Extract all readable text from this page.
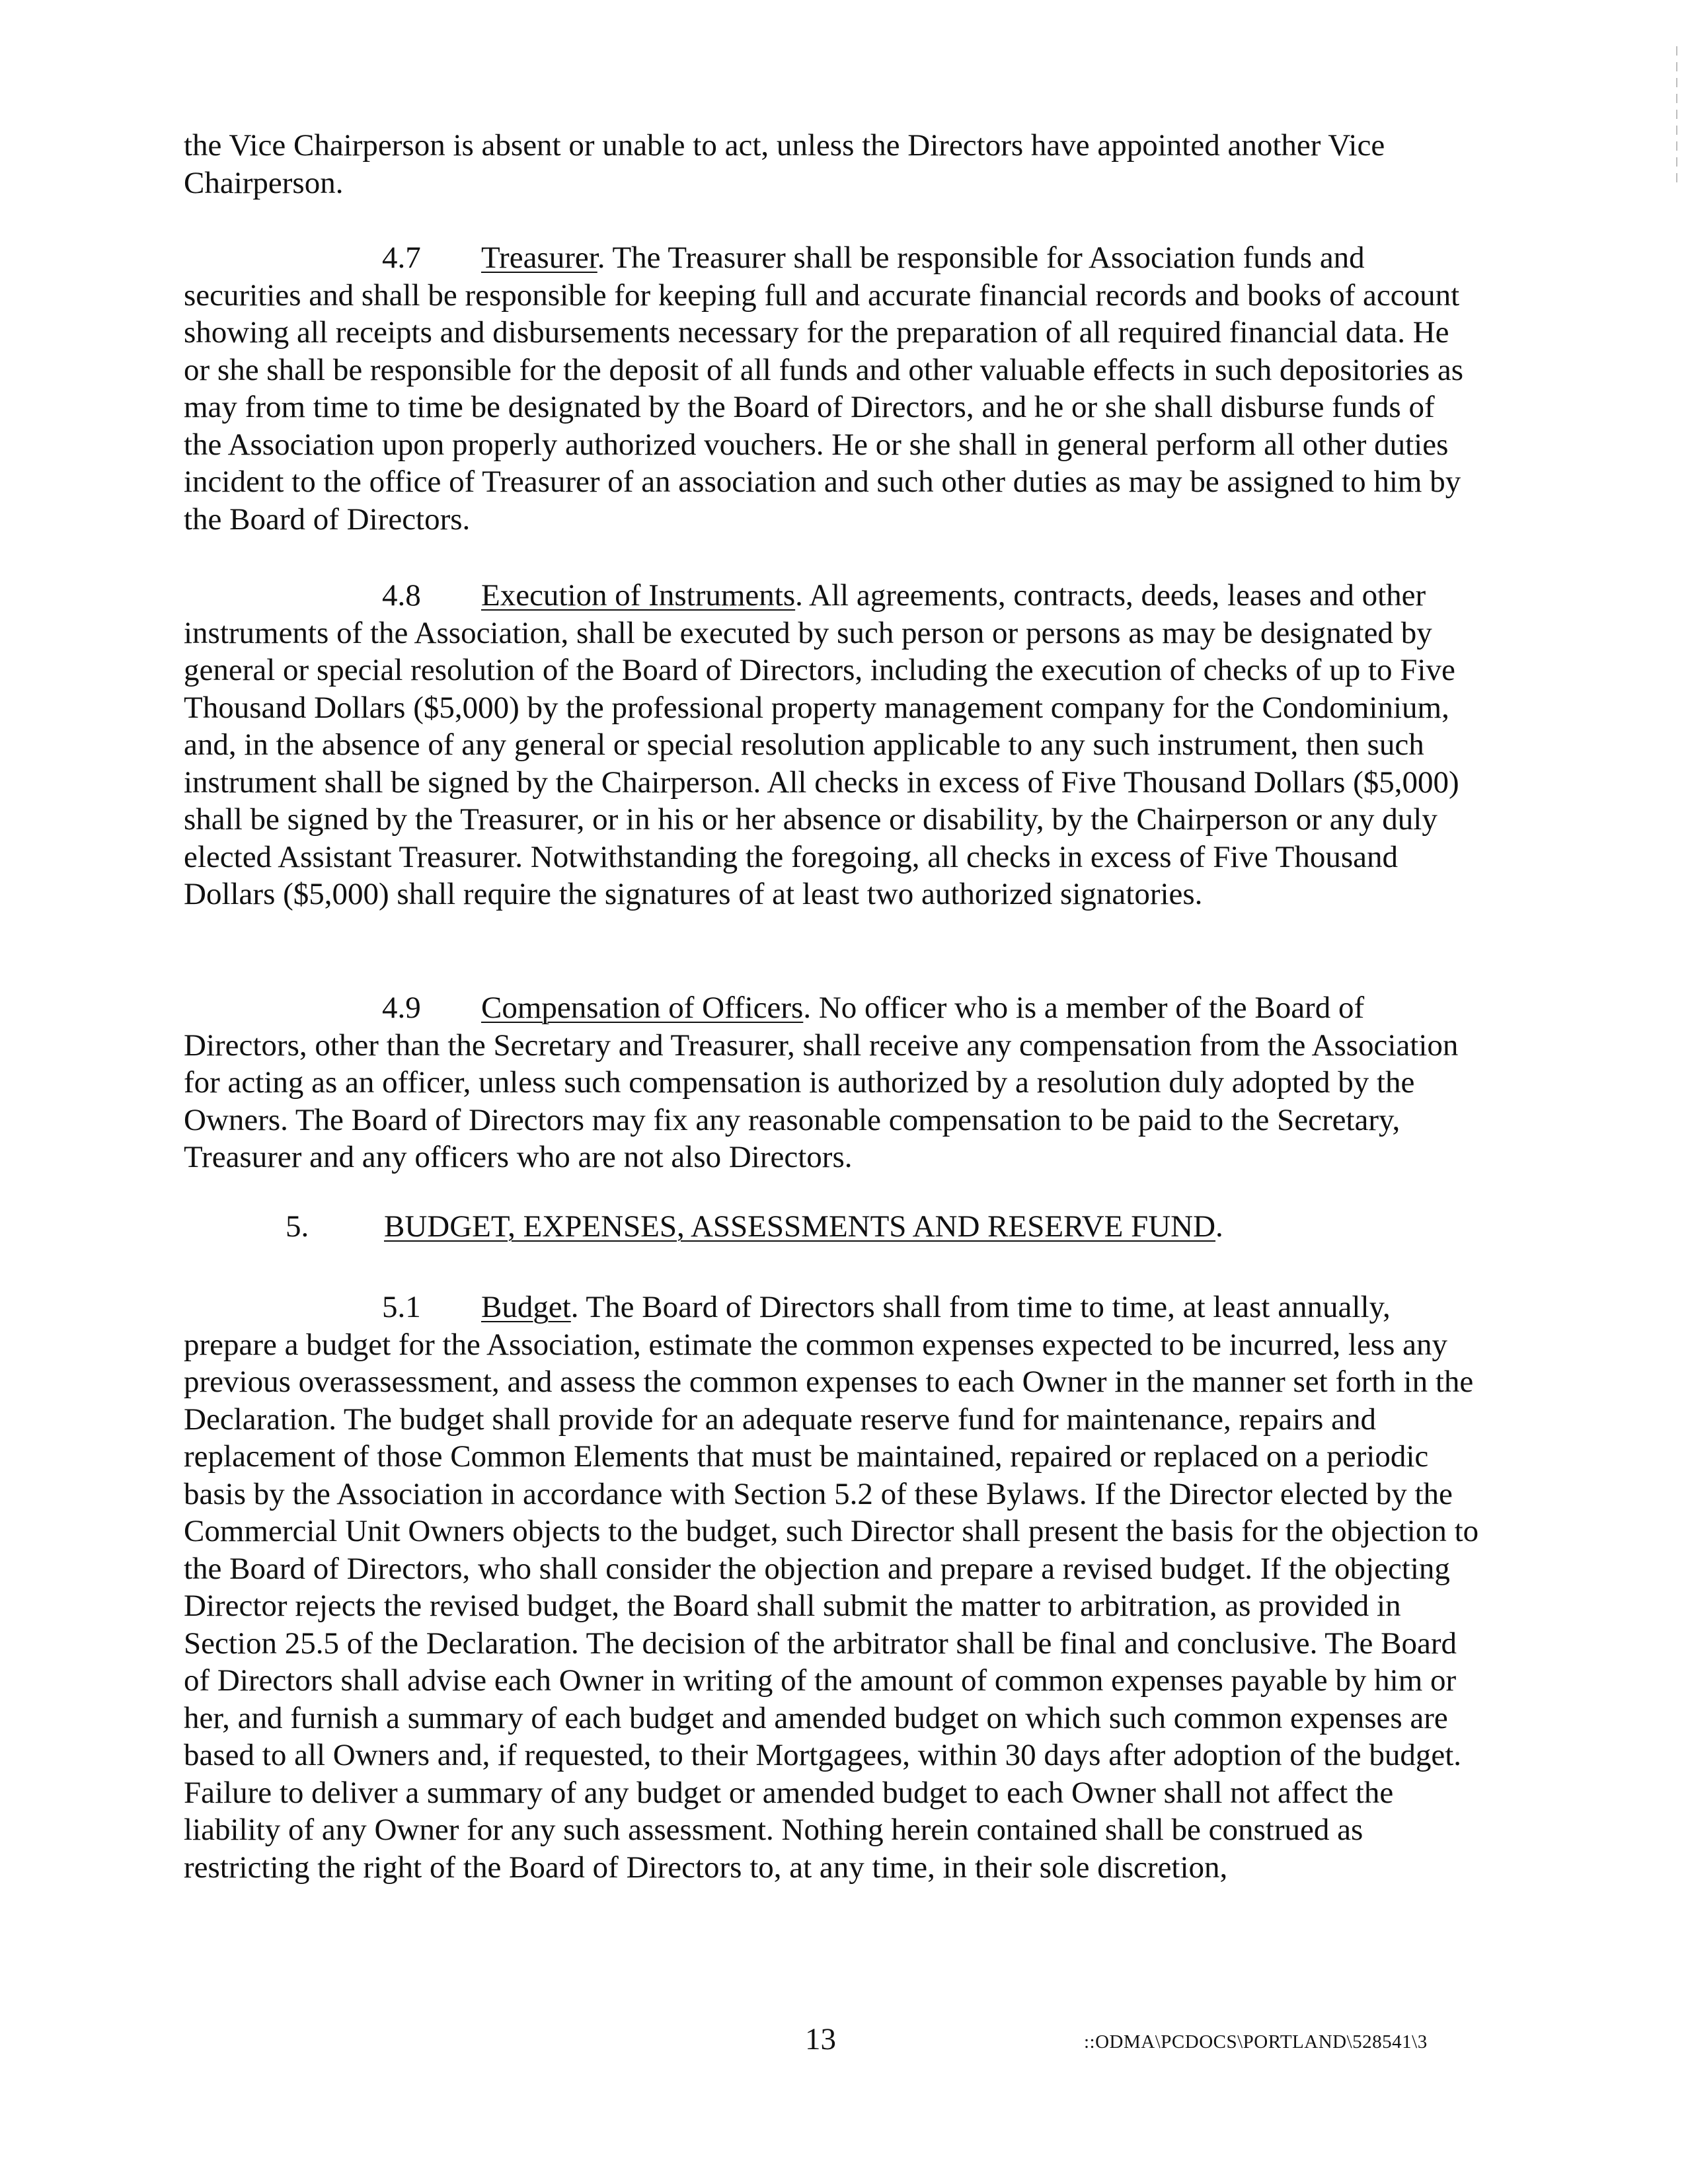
the Vice Chairperson is absent or unable to act, unless the Directors have appointed another Vice Chairperson.

4.7 Treasurer. The Treasurer shall be responsible for Association funds and securities and shall be responsible for keeping full and accurate financial records and books of account showing all receipts and disbursements necessary for the preparation of all required financial data. He or she shall be responsible for the deposit of all funds and other valuable effects in such depositories as may from time to time be designated by the Board of Directors, and he or she shall disburse funds of the Association upon properly authorized vouchers. He or she shall in general perform all other duties incident to the office of Treasurer of an association and such other duties as may be assigned to him by the Board of Directors.

4.8 Execution of Instruments. All agreements, contracts, deeds, leases and other instruments of the Association, shall be executed by such person or persons as may be designated by general or special resolution of the Board of Directors, including the execution of checks of up to Five Thousand Dollars ($5,000) by the professional property management company for the Condominium, and, in the absence of any general or special resolution applicable to any such instrument, then such instrument shall be signed by the Chairperson. All checks in excess of Five Thousand Dollars ($5,000) shall be signed by the Treasurer, or in his or her absence or disability, by the Chairperson or any duly elected Assistant Treasurer. Notwithstanding the foregoing, all checks in excess of Five Thousand Dollars ($5,000) shall require the signatures of at least two authorized signatories.

4.9 Compensation of Officers. No officer who is a member of the Board of Directors, other than the Secretary and Treasurer, shall receive any compensation from the Association for acting as an officer, unless such compensation is authorized by a resolution duly adopted by the Owners. The Board of Directors may fix any reasonable compensation to be paid to the Secretary, Treasurer and any officers who are not also Directors.

5. BUDGET, EXPENSES, ASSESSMENTS AND RESERVE FUND.

5.1 Budget. The Board of Directors shall from time to time, at least annually, prepare a budget for the Association, estimate the common expenses expected to be incurred, less any previous overassessment, and assess the common expenses to each Owner in the manner set forth in the Declaration. The budget shall provide for an adequate reserve fund for maintenance, repairs and replacement of those Common Elements that must be maintained, repaired or replaced on a periodic basis by the Association in accordance with Section 5.2 of these Bylaws. If the Director elected by the Commercial Unit Owners objects to the budget, such Director shall present the basis for the objection to the Board of Directors, who shall consider the objection and prepare a revised budget. If the objecting Director rejects the revised budget, the Board shall submit the matter to arbitration, as provided in Section 25.5 of the Declaration. The decision of the arbitrator shall be final and conclusive. The Board of Directors shall advise each Owner in writing of the amount of common expenses payable by him or her, and furnish a summary of each budget and amended budget on which such common expenses are based to all Owners and, if requested, to their Mortgagees, within 30 days after adoption of the budget. Failure to deliver a summary of any budget or amended budget to each Owner shall not affect the liability of any Owner for any such assessment. Nothing herein contained shall be construed as restricting the right of the Board of Directors to, at any time, in their sole discretion,

13	::ODMA\PCDOCS\PORTLAND\528541\3
